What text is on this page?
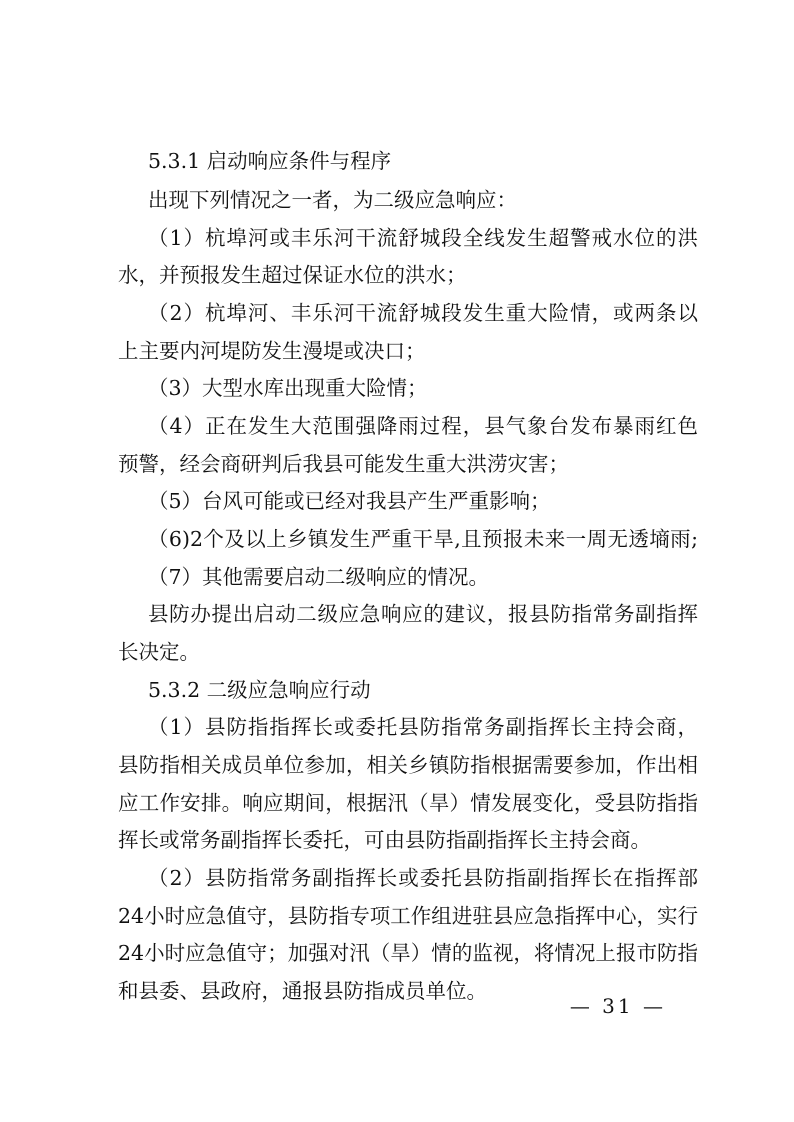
5.3.1 启动响应条件与程序
出现下列情况之一者，为二级应急响应：
（1）杭埠河或丰乐河干流舒城段全线发生超警戒水位的洪
水，并预报发生超过保证水位的洪水；
（2）杭埠河、丰乐河干流舒城段发生重大险情，或两条以
上主要内河堤防发生漫堤或决口；
（3）大型水库出现重大险情；
（4）正在发生大范围强降雨过程，县气象台发布暴雨红色
预警，经会商研判后我县可能发生重大洪涝灾害；
（5）台风可能或已经对我县产生严重影响；
（6)2个及以上乡镇发生严重干旱,且预报未来一周无透墒雨;
（7）其他需要启动二级响应的情况。
县防办提出启动二级应急响应的建议，报县防指常务副指挥
长决定。
5.3.2 二级应急响应行动
（1）县防指指挥长或委托县防指常务副指挥长主持会商，
县防指相关成员单位参加，相关乡镇防指根据需要参加，作出相
应工作安排。响应期间，根据汛（旱）情发展变化，受县防指指
挥长或常务副指挥长委托，可由县防指副指挥长主持会商。
（2）县防指常务副指挥长或委托县防指副指挥长在指挥部
24小时应急值守，县防指专项工作组进驻县应急指挥中心，实行
24小时应急值守；加强对汛（旱）情的监视，将情况上报市防指
和县委、县政府，通报县防指成员单位。
— 31 —
